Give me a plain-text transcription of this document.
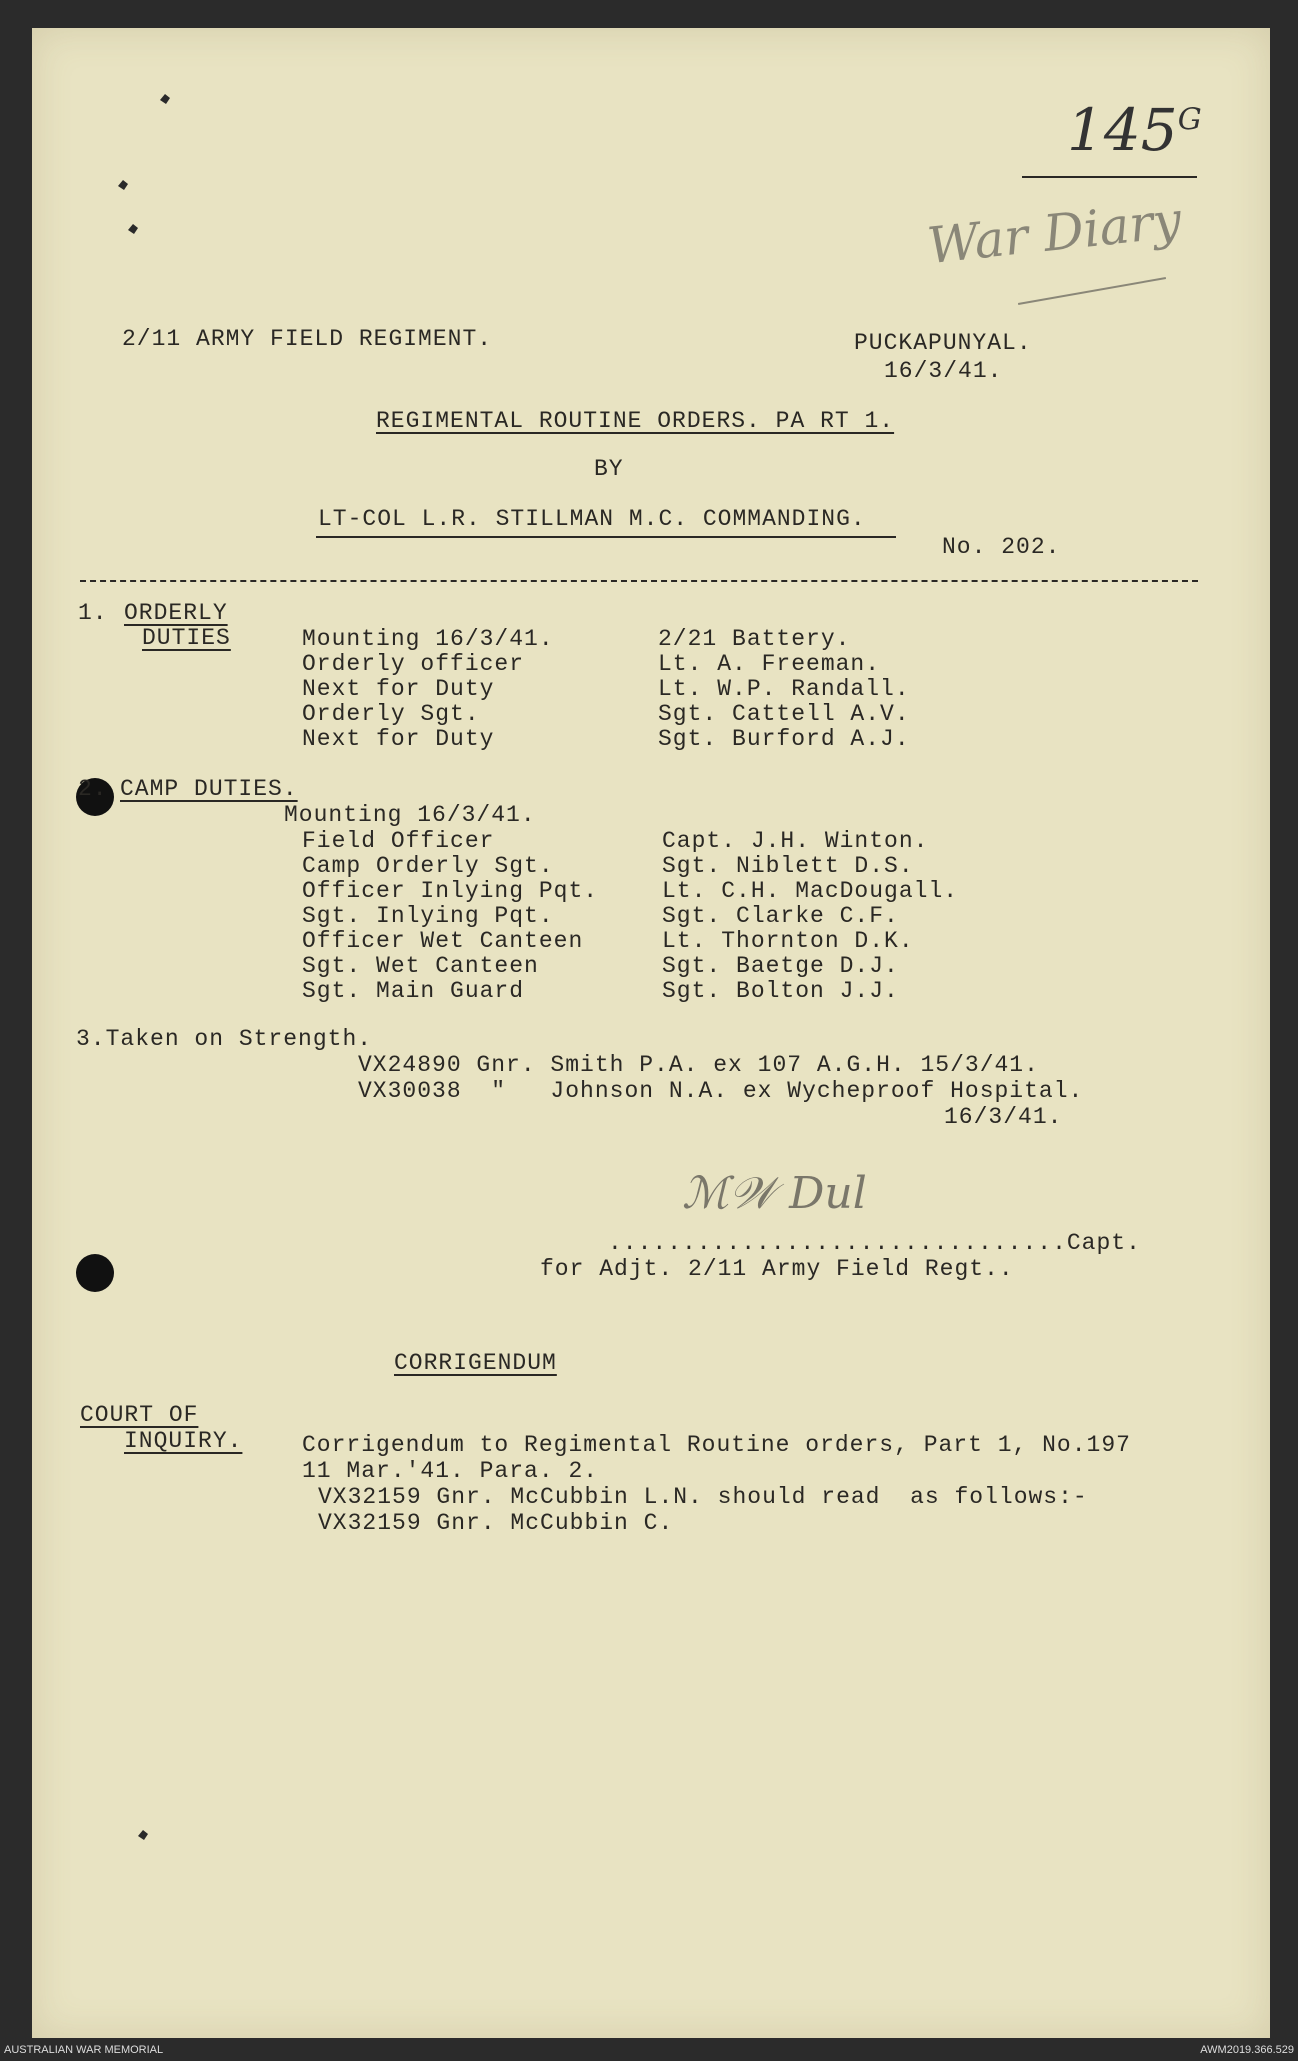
$145^G$
War Diary
2/11 ARMY FIELD REGIMENT.	PUCKAPUNYAL.
16/3/41.
REGIMENTAL ROUTINE ORDERS. PA RT 1.
BY
LT-COL L.R. STILLMAN M.C. COMMANDING.
No. 202.
1. ORDERLY
DUTIES	Mounting 16/3/41.	2/21 Battery.
Orderly officer	Lt. A. Freeman.
Next for Duty	Lt. W.P. Randall.
Orderly Sgt.	Sgt. Cattell A.V.
Next for Duty	Sgt. Burford A.J.
2. CAMP DUTIES.
Mounting 16/3/41.
Field Officer	Capt. J.H. Winton.
Camp Orderly Sgt.	Sgt. Niblett D.S.
Officer Inlying Pqt.	Lt. C.H. MacDougall.
Sgt. Inlying Pqt.	Sgt. Clarke C.F.
Officer Wet Canteen	Lt. Thornton D.K.
Sgt. Wet Canteen	Sgt. Baetge D.J.
Sgt. Main Guard	Sgt. Bolton J.J.
3.Taken on Strength.
VX24890 Gnr. Smith P.A. ex 107 A.G.H. 15/3/41.
VX30038  "   Johnson N.A. ex Wycheproof Hospital.
16/3/41.
ℳ𝒲 Dul
...............................Capt.
for Adjt. 2/11 Army Field Regt..
CORRIGENDUM
COURT OF
INQUIRY.	Corrigendum to Regimental Routine orders, Part 1, No.197
11 Mar.'41. Para. 2.
VX32159 Gnr. McCubbin L.N. should read  as follows:-
VX32159 Gnr. McCubbin C.
AUSTRALIAN WAR MEMORIAL	AWM2019.366.529
